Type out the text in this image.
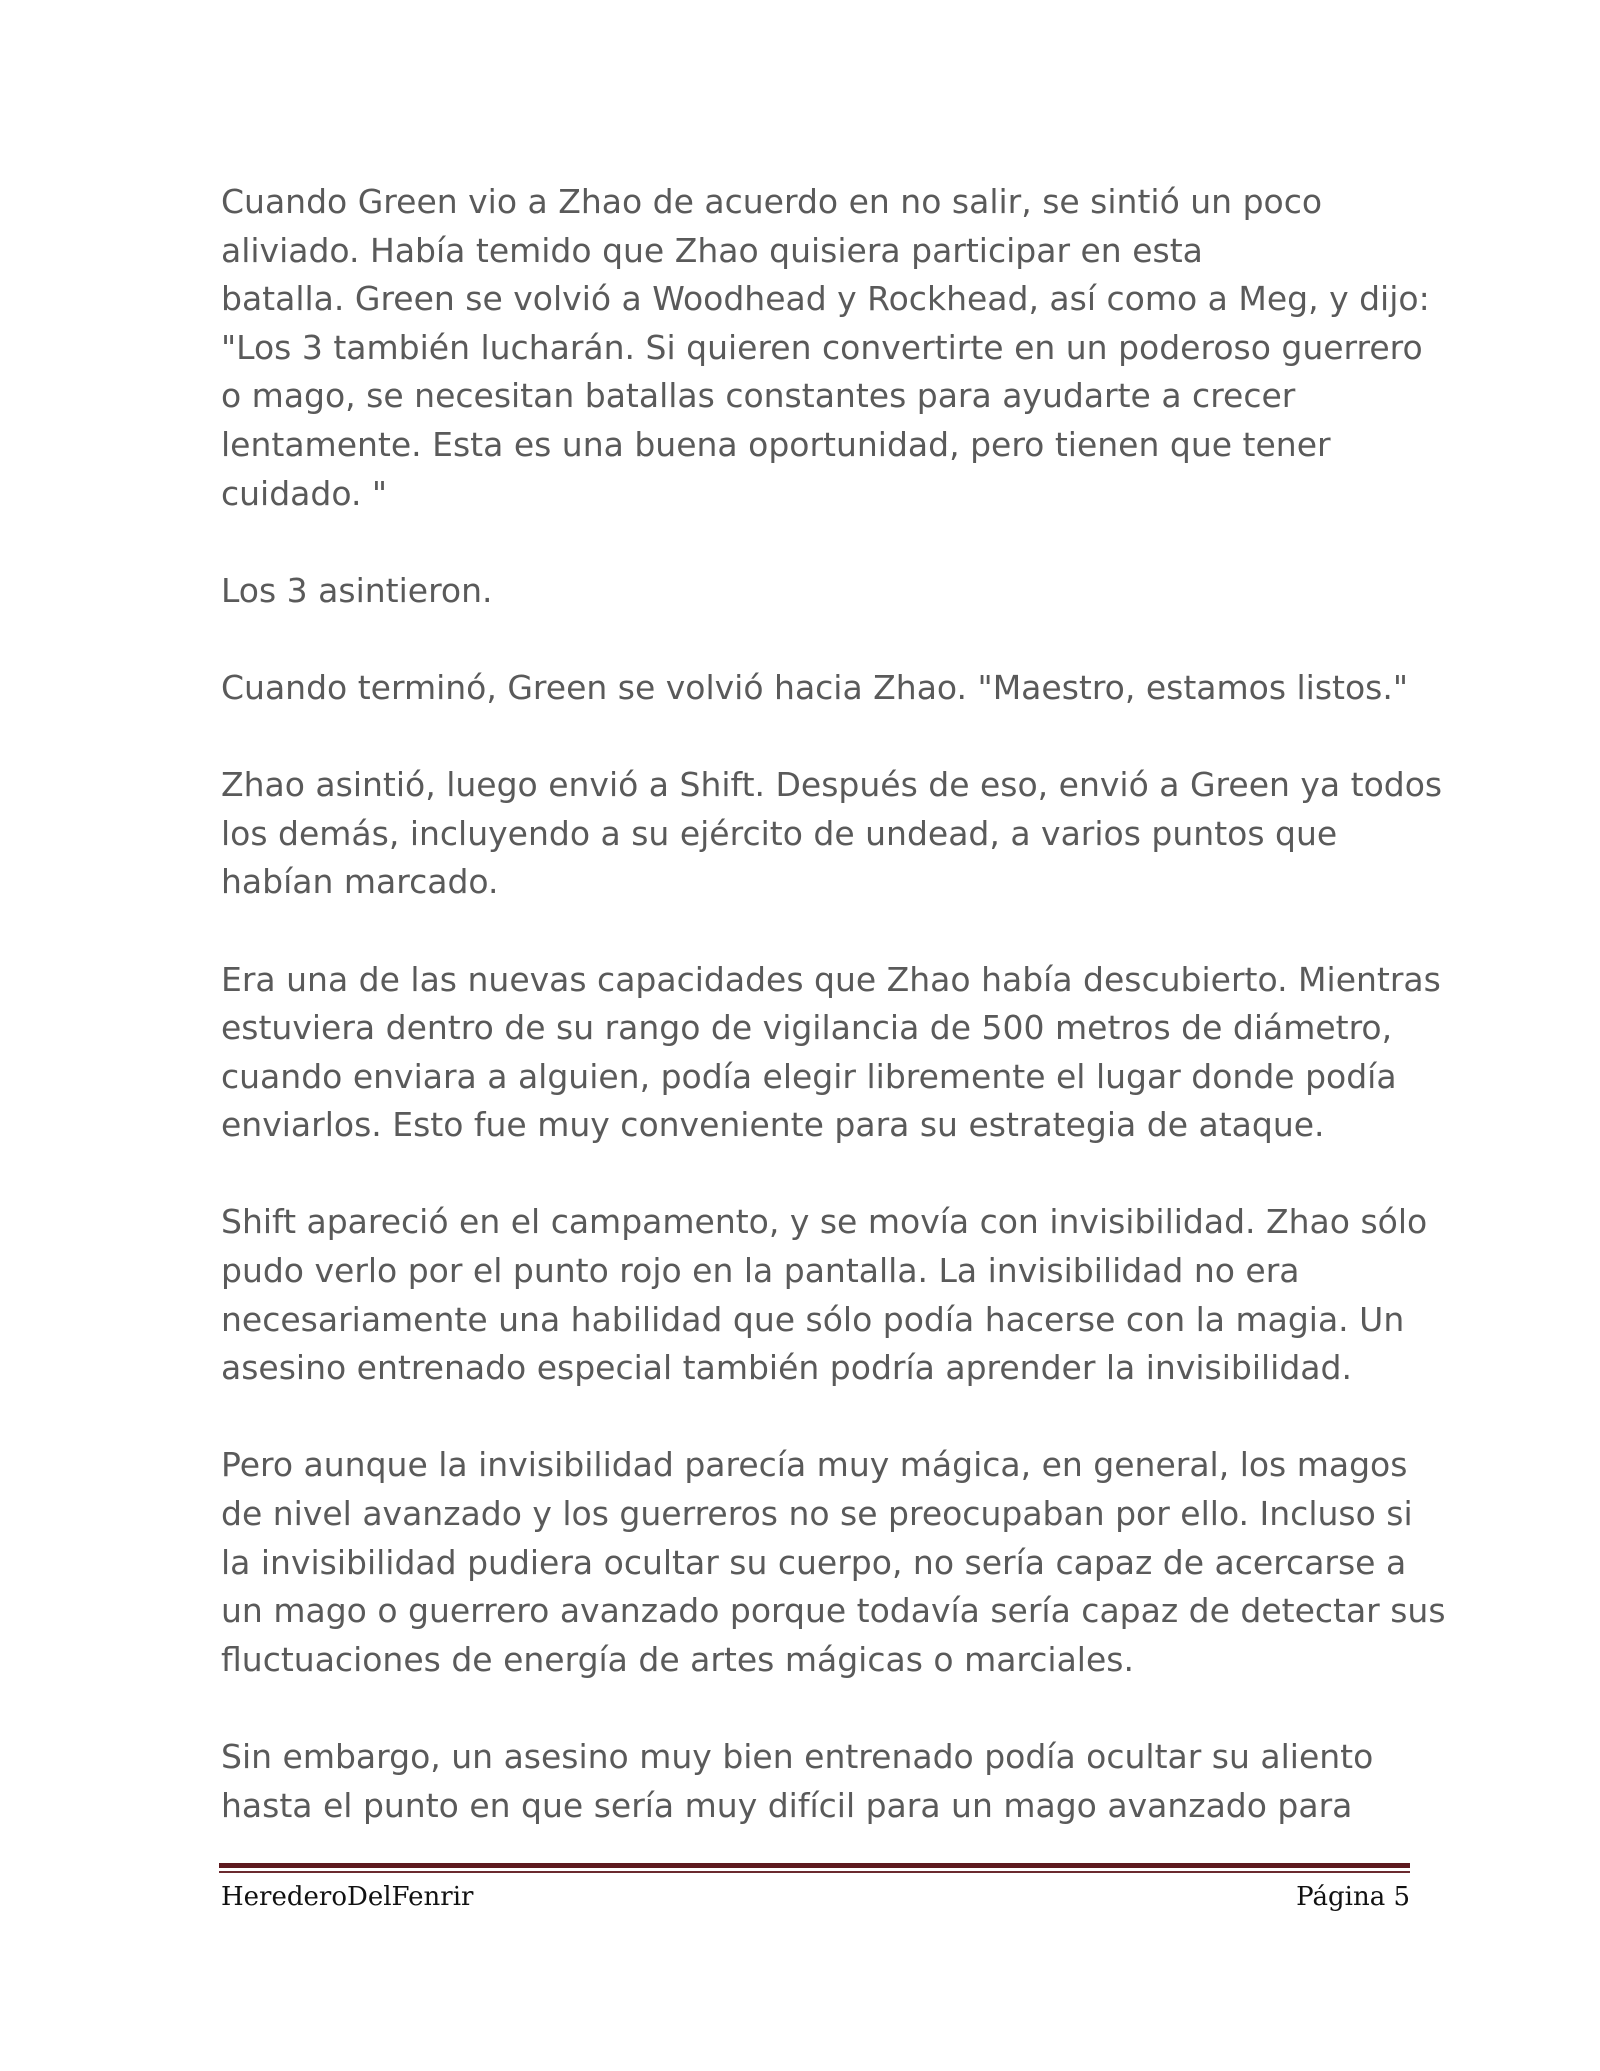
Cuando Green vio a Zhao de acuerdo en no salir, se sintió un poco
aliviado. Había temido que Zhao quisiera participar en esta
batalla. Green se volvió a Woodhead y Rockhead, así como a Meg, y dijo:
"Los 3 también lucharán. Si quieren convertirte en un poderoso guerrero
o mago, se necesitan batallas constantes para ayudarte a crecer
lentamente. Esta es una buena oportunidad, pero tienen que tener
cuidado. "

Los 3 asintieron.

Cuando terminó, Green se volvió hacia Zhao. "Maestro, estamos listos."

Zhao asintió, luego envió a Shift. Después de eso, envió a Green ya todos
los demás, incluyendo a su ejército de undead, a varios puntos que
habían marcado.

Era una de las nuevas capacidades que Zhao había descubierto. Mientras
estuviera dentro de su rango de vigilancia de 500 metros de diámetro,
cuando enviara a alguien, podía elegir libremente el lugar donde podía
enviarlos. Esto fue muy conveniente para su estrategia de ataque.

Shift apareció en el campamento, y se movía con invisibilidad. Zhao sólo
pudo verlo por el punto rojo en la pantalla. La invisibilidad no era
necesariamente una habilidad que sólo podía hacerse con la magia. Un
asesino entrenado especial también podría aprender la invisibilidad.

Pero aunque la invisibilidad parecía muy mágica, en general, los magos
de nivel avanzado y los guerreros no se preocupaban por ello. Incluso si
la invisibilidad pudiera ocultar su cuerpo, no sería capaz de acercarse a
un mago o guerrero avanzado porque todavía sería capaz de detectar sus
fluctuaciones de energía de artes mágicas o marciales.

Sin embargo, un asesino muy bien entrenado podía ocultar su aliento
hasta el punto en que sería muy difícil para un mago avanzado para

HerederoDelFenrir	Página 5
